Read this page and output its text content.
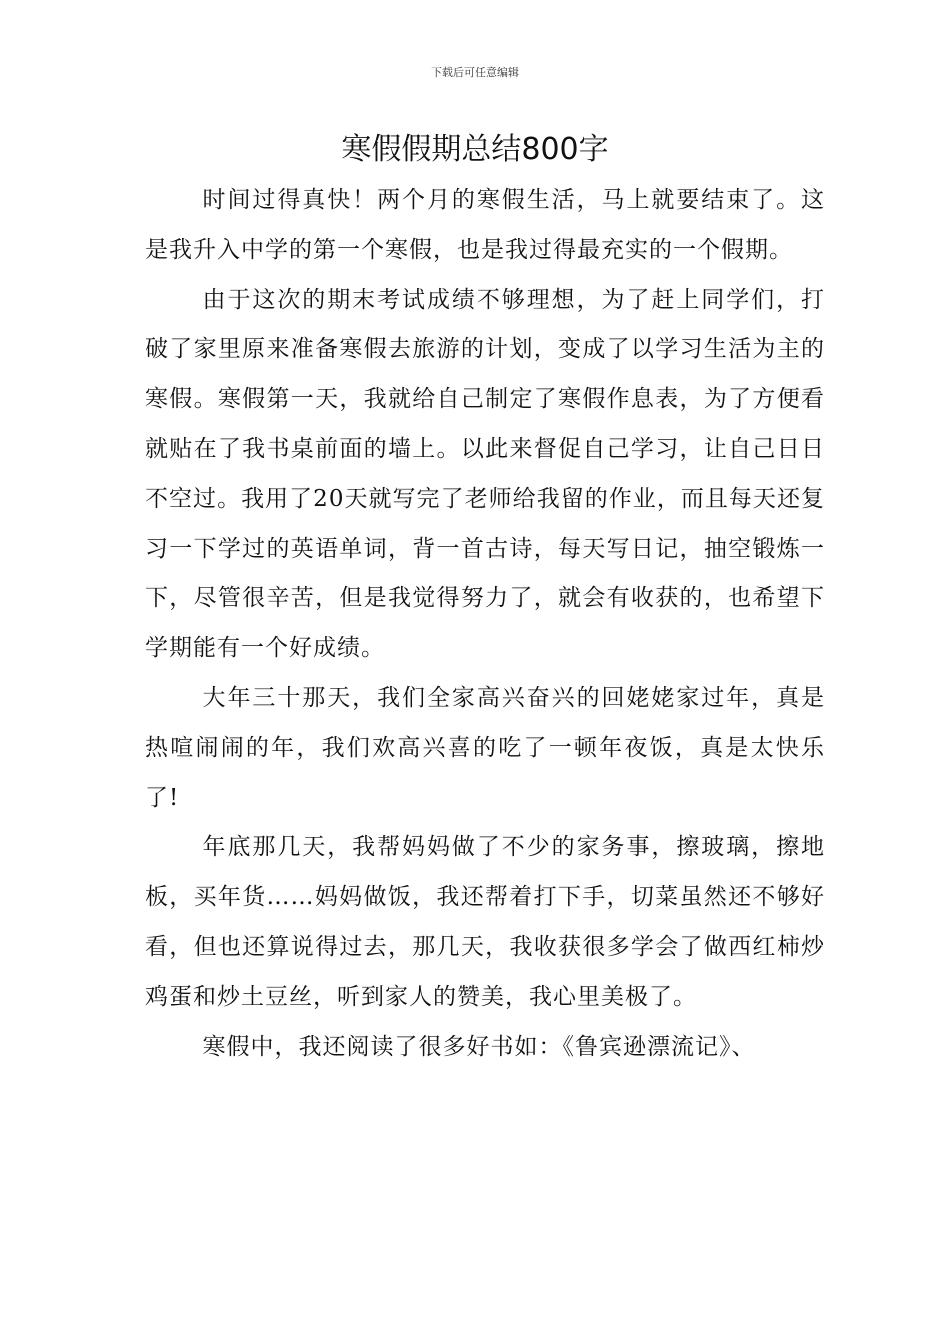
下载后可任意编辑
寒假假期总结800字

时间过得真快！两个月的寒假生活，马上就要结束了。这是我升入中学的第一个寒假，也是我过得最充实的一个假期。

由于这次的期末考试成绩不够理想，为了赶上同学们，打破了家里原来准备寒假去旅游的计划，变成了以学习生活为主的寒假。寒假第一天，我就给自己制定了寒假作息表，为了方便看就贴在了我书桌前面的墙上。以此来督促自己学习，让自己日日不空过。我用了20天就写完了老师给我留的作业，而且每天还复习一下学过的英语单词，背一首古诗，每天写日记，抽空锻炼一下，尽管很辛苦，但是我觉得努力了，就会有收获的，也希望下学期能有一个好成绩。

大年三十那天，我们全家高兴奋兴的回姥姥家过年，真是热喧闹闹的年，我们欢高兴喜的吃了一顿年夜饭，真是太快乐了!

年底那几天，我帮妈妈做了不少的家务事，擦玻璃，擦地板，买年货……妈妈做饭，我还帮着打下手，切菜虽然还不够好看，但也还算说得过去，那几天，我收获很多学会了做西红柿炒鸡蛋和炒土豆丝，听到家人的赞美，我心里美极了。

寒假中，我还阅读了很多好书如：《鲁宾逊漂流记》、
